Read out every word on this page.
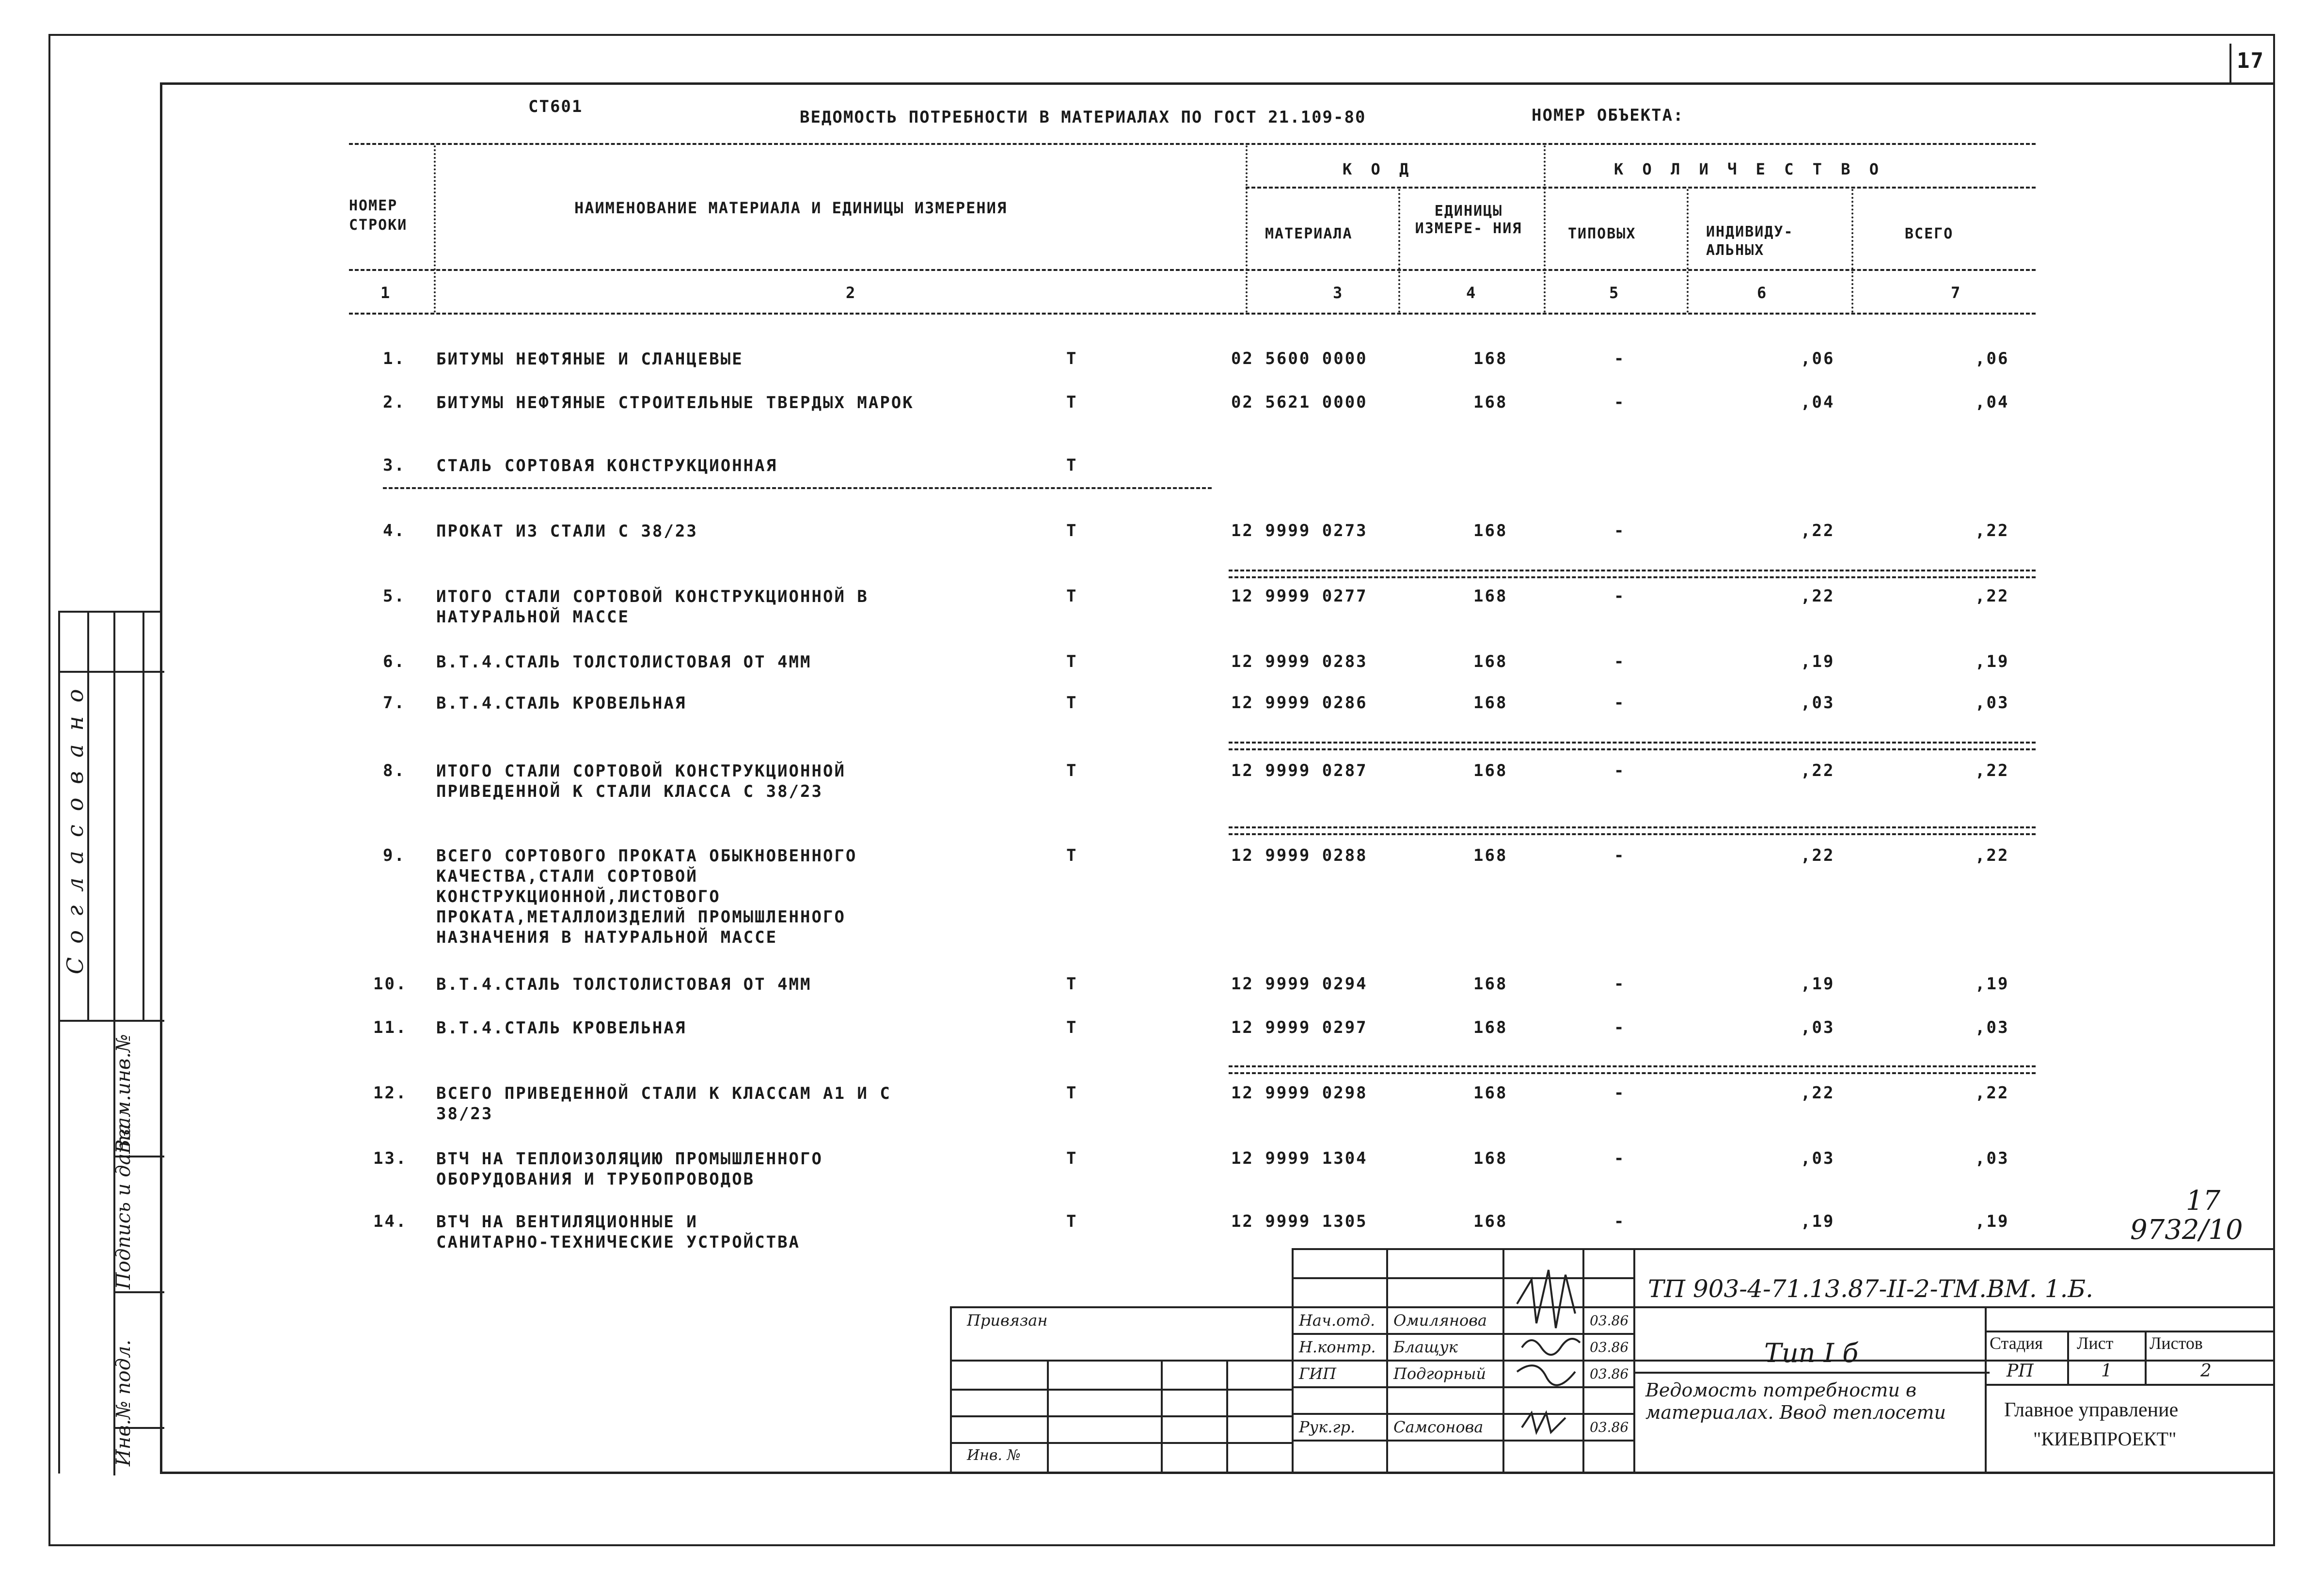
17
Согласовано
Взам.инв.№
Подпись и дата
Инв.№ подл.
СТ601
ВЕДОМОСТЬ ПОТРЕБНОСТИ В МАТЕРИАЛАХ ПО ГОСТ 21.109-80	НОМЕР ОБЪЕКТА:
НОМЕР СТРОКИ
НАИМЕНОВАНИЕ МАТЕРИАЛА И ЕДИНИЦЫ ИЗМЕРЕНИЯ
К О Д
МАТЕРИАЛА
ЕДИНИЦЫ ИЗМЕРЕ- НИЯ
К О Л И Ч Е С Т В О
ТИПОВЫХ	ИНДИВИДУ- АЛЬНЫХ
ВСЕГО
1	2	3	4	5	6	7
1. БИТУМЫ НЕФТЯНЫЕ И СЛАНЦЕВЫЕ	Т	02 5600 0000	168	-	,06	,06
2. БИТУМЫ НЕФТЯНЫЕ СТРОИТЕЛЬНЫЕ ТВЕРДЫХ МАРОК	Т	02 5621 0000	168	-	,04	,04
3. СТАЛЬ СОРТОВАЯ КОНСТРУКЦИОННАЯ	Т
4. ПРОКАТ ИЗ СТАЛИ С 38/23	Т	12 9999 0273	168	-	,22	,22
5. ИТОГО СТАЛИ СОРТОВОЙ КОНСТРУКЦИОННОЙ В
НАТУРАЛЬНОЙ МАССЕ
Т	12 9999 0277	168	-	,22	,22
6. В.Т.4.СТАЛЬ ТОЛСТОЛИСТОВАЯ ОТ 4ММ	Т	12 9999 0283	168	-	,19	,19
7. В.Т.4.СТАЛЬ КРОВЕЛЬНАЯ	Т	12 9999 0286	168	-	,03	,03
8. ИТОГО СТАЛИ СОРТОВОЙ КОНСТРУКЦИОННОЙ
ПРИВЕДЕННОЙ К СТАЛИ КЛАССА С 38/23
Т	12 9999 0287	168	-	,22	,22
9. ВСЕГО СОРТОВОГО ПРОКАТА ОБЫКНОВЕННОГО
КАЧЕСТВА,СТАЛИ СОРТОВОЙ
КОНСТРУКЦИОННОЙ,ЛИСТОВОГО
ПРОКАТА,МЕТАЛЛОИЗДЕЛИЙ ПРОМЫШЛЕННОГО
НАЗНАЧЕНИЯ В НАТУРАЛЬНОЙ МАССЕ
Т	12 9999 0288	168	-	,22	,22
10. В.Т.4.СТАЛЬ ТОЛСТОЛИСТОВАЯ ОТ 4ММ	Т	12 9999 0294	168	-	,19	,19
11. В.Т.4.СТАЛЬ КРОВЕЛЬНАЯ	Т	12 9999 0297	168	-	,03	,03
12. ВСЕГО ПРИВЕДЕННОЙ СТАЛИ К КЛАССАМ А1 И С
38/23
Т	12 9999 0298	168	-	,22	,22
13. ВТЧ НА ТЕПЛОИЗОЛЯЦИЮ ПРОМЫШЛЕННОГО
ОБОРУДОВАНИЯ И ТРУБОПРОВОДОВ
Т	12 9999 1304	168	-	,03	,03
14. ВТЧ НА ВЕНТИЛЯЦИОННЫЕ И
САНИТАРНО-ТЕХНИЧЕСКИЕ УСТРОЙСТВА
Т	12 9999 1305	168	-	,19	,19
17
9732/10
ТП 903-4-71.13.87-II-2-ТМ.ВМ. 1.Б.
Привязан
Инв. №
Нач.отд.
Н.контр.
ГИП
Рук.гр.
Омилянова
Блащук
Подгорный
Самсонова
03.86
03.86
03.86
03.86
Тип I б
Ведомость потребности в материалах. Ввод теплосети
Стадия Лист Листов
РП	1	2
Главное управление
"КИЕВПРОЕКТ"
